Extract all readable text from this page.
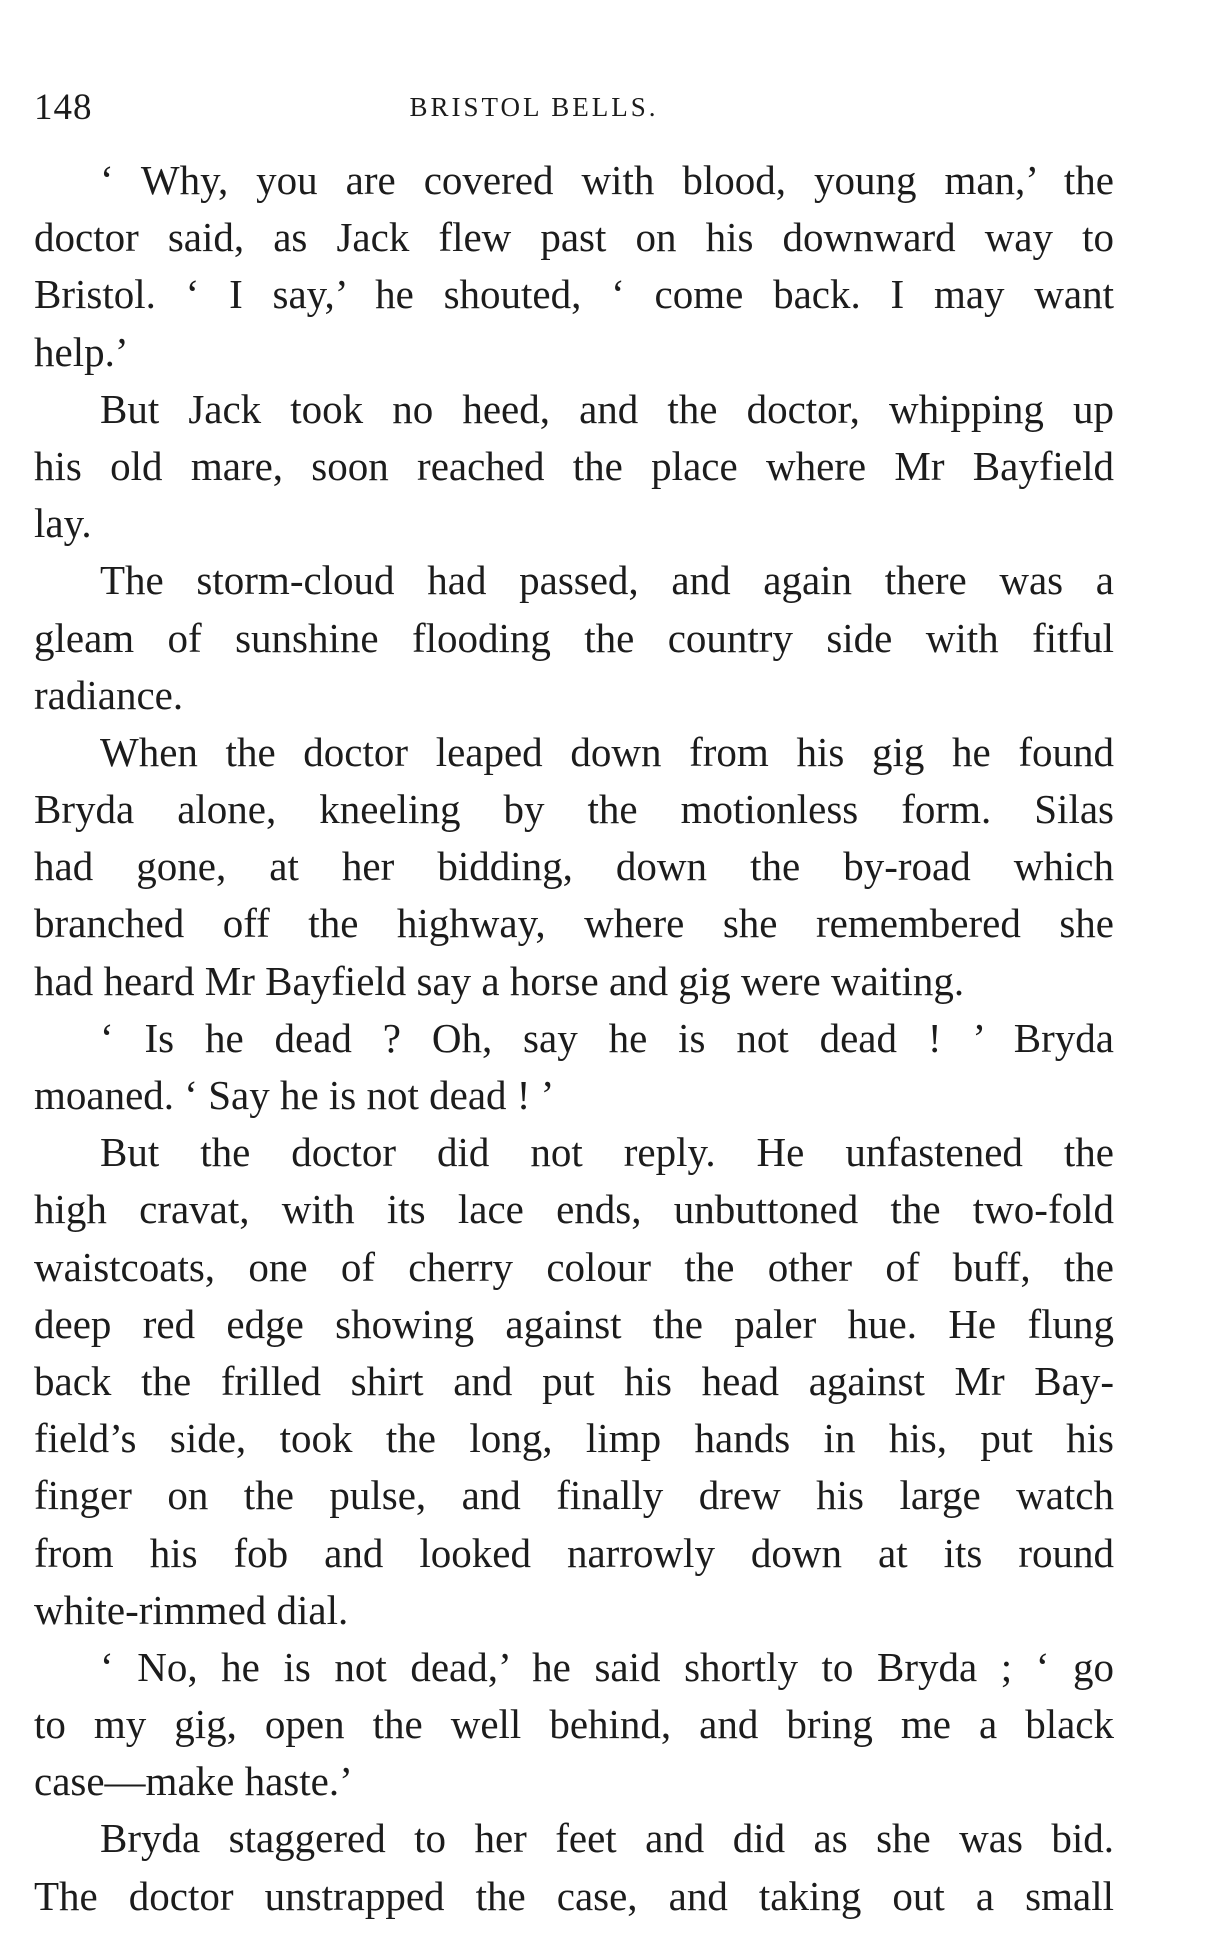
148	BRISTOL BELLS.
‘ Why, you are covered with blood, young man,’ the
doctor said, as Jack flew past on his downward way to
Bristol. ‘ I say,’ he shouted, ‘ come back. I may want
help.’
But Jack took no heed, and the doctor, whipping up
his old mare, soon reached the place where Mr Bayfield
lay.
The storm-cloud had passed, and again there was a
gleam of sunshine flooding the country side with fitful
radiance.
When the doctor leaped down from his gig he found
Bryda alone, kneeling by the motionless form. Silas
had gone, at her bidding, down the by-road which
branched off the highway, where she remembered she
had heard Mr Bayfield say a horse and gig were waiting.
‘ Is he dead ? Oh, say he is not dead ! ’ Bryda
moaned. ‘ Say he is not dead ! ’
But the doctor did not reply. He unfastened the
high cravat, with its lace ends, unbuttoned the two-fold
waistcoats, one of cherry colour the other of buff, the
deep red edge showing against the paler hue. He flung
back the frilled shirt and put his head against Mr Bay-
field’s side, took the long, limp hands in his, put his
finger on the pulse, and finally drew his large watch
from his fob and looked narrowly down at its round
white-rimmed dial.
‘ No, he is not dead,’ he said shortly to Bryda ; ‘ go
to my gig, open the well behind, and bring me a black
case—make haste.’
Bryda staggered to her feet and did as she was bid.
The doctor unstrapped the case, and taking out a small
